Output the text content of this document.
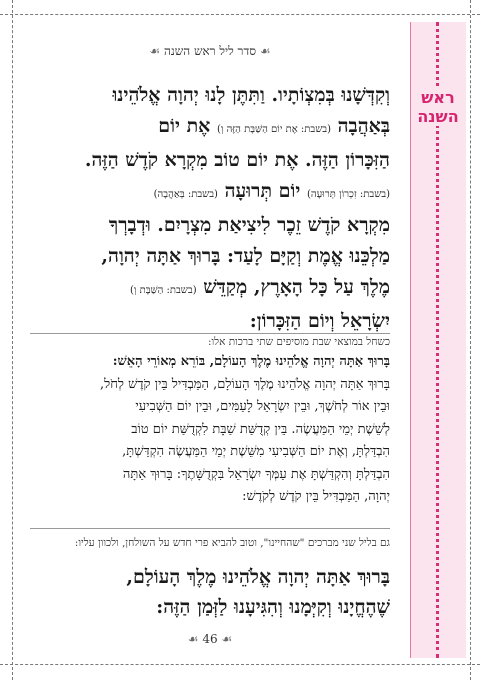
ראש השנה
☙ סדר ליל ראש השנה ☙
וְקִדְּשָׁנוּ בְּמִצְוֹתָיו. וַתִּתֶּן לָנוּ יְהוָה אֱלֹהֵינוּ
בְּאַהֲבָה (בשבת: אֶת יוֹם הַשַּׁבָּת הַזֶּה וְ) אֶת יוֹם
הַזִּכָּרוֹן הַזֶּה. אֶת יוֹם טוֹב מִקְרָא קֹדֶשׁ הַזֶּה.
(בשבת: זִכְרוֹן תְּרוּעָה) יוֹם תְּרוּעָה (בשבת: בְּאַהֲבָה)
מִקְרָא קֹדֶשׁ זֵכֶר לִיצִיאַת מִצְרָיִם. וּדְבָרְךָ
מַלְכֵּנוּ אֱמֶת וְקַיָּם לָעַד: בָּרוּךְ אַתָּה יְהוָה,
מֶלֶךְ עַל כָּל הָאָרֶץ, מְקַדֵּשׁ (בשבת: הַשַּׁבָּת וְ)
יִשְׂרָאֵל וְיוֹם הַזִּכָּרוֹן:
כשחל במוצאי שבת מוסיפים שתי ברכות אלו:
בָּרוּךְ אַתָּה יְהוָה אֱלֹהֵינוּ מֶלֶךְ הָעוֹלָם, בּוֹרֵא מְאוֹרֵי הָאֵשׁ:
בָּרוּךְ אַתָּה יְהוָה אֱלֹהֵינוּ מֶלֶךְ הָעוֹלָם, הַמַּבְדִּיל בֵּין קֹדֶשׁ לְחֹל,
וּבֵין אוֹר לְחֹשֶׁךְ, וּבֵין יִשְׂרָאֵל לָעַמִּים, וּבֵין יוֹם הַשְּׁבִיעִי
לְשֵׁשֶׁת יְמֵי הַמַּעֲשֶׂה. בֵּין קְדֻשַּׁת שַׁבָּת לִקְדֻשַּׁת יוֹם טוֹב
הִבְדַּלְתָּ, וְאֶת יוֹם הַשְּׁבִיעִי מִשֵּׁשֶׁת יְמֵי הַמַּעֲשֶׂה הִקְדַּשְׁתָּ,
הִבְדַּלְתָּ וְהִקְדַּשְׁתָּ אֶת עַמְּךָ יִשְׂרָאֵל בִּקְדֻשָּׁתֶךָ: בָּרוּךְ אַתָּה
יְהוָה, הַמַּבְדִּיל בֵּין קֹדֶשׁ לְקֹדֶשׁ:
גם בליל שני מברכים "שהחיינו", וטוב להביא פרי חדש על השולחן, ולכוון עליו:
בָּרוּךְ אַתָּה יְהוָה אֱלֹהֵינוּ מֶלֶךְ הָעוֹלָם,
שֶׁהֶחֱיָנוּ וְקִיְּמָנוּ וְהִגִּיעָנוּ לַזְּמַן הַזֶּה:
☙ 46 ☙
